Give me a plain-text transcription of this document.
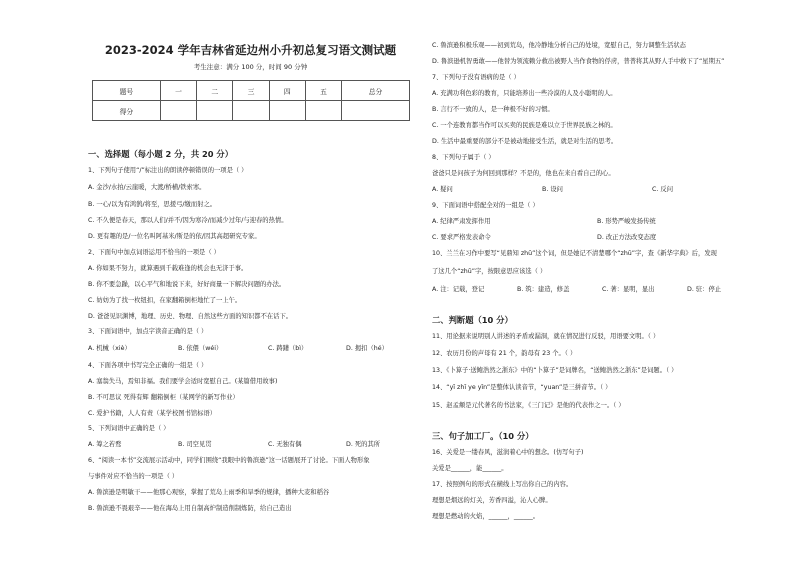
2023-2024 学年吉林省延边州小升初总复习语文测试题
考生注意：满分 100 分，时间 90 分钟
题号	一	二	三	四	五	总分
得分						
一、选择题（每小题 2 分，共 20 分）
1、下列句子使用“/”标注出的朗读停顿错误的一项是（ ）
A. 金沙/水拍/云崖暖，大渡/桥横/铁索寒。
B. 一心/以为有鸿鹄/将至，思援弓/缴而射之。
C. 不久便是春天，那以人们/并不/因为寒冷/而减少过年/与迎春的热情。
D. 更有趣的是/一位名叫阿基米/斯是的依/因其高超研究专家。
2、下面句中加点词语运用不恰当的一项是（ ）
A. 你如果不努力，就算遇到千载难逢的机会也无济于事。
B. 你不要急躁，以心平气和地说下来，好好商量一下解决问题的办法。
C. 妨妨为了找一枚纽扣，在家翻箱倒柜地忙了一上午。
D. 爸爸见识渊博，地理、历史、物理、自然这些方面的知识都不在话下。
3、下面词语中，加点字读音正确的是（ ）
A. 机械（xiè）	B. 依偎（wéi）	C. 踌躇（bì）	D. 揭扣（hé）
4、下面各项中书写完全正确的一组是（ ）
A. 塞翁失马，焉知非福。我们要学会适时宽慰自己。(某篇借用故事)
B. 不可思议 死得有辉 翻箱倒柜（某网学的新写作业）
C. 爱护书籍，人人有责（某学校图书馆标语）
5、下列词语中正确的是（ ）
A. 筹之若鹜	B. 司空见贯	C. 无独有偶	D. 死的其所
6、“阅读一本书”交流展示活动中，同学们围绕“我眼中的鲁滨逊”这一话题展开了讨论。下面人物形象
与事件对应不恰当的一项是（ ）
A. 鲁滨逊是明敏干——他那心观察，掌握了荒岛上雨季和旱季的规律，播种大麦和稻谷
B. 鲁滨逊不畏艰辛——他在海岛上用自制高炉制造削制炼防，给自己造出
C. 鲁滨逊积极乐观——初到荒岛，他冷静地分析自己的处境，宽慰自己，努力调整生活状态
D. 鲁滨逊机智勇敢——他替为领流赖分救出被野人当作食物的俘虏，普普将其从野人手中救下了“星期五”
7、下列句子没有语病的是（ ）
A. 充满功利色彩的教育，只能培养出一些冷漠的人及小聪明的人。
B. 言行不一致的人，是一种极不好的习惯。
C. 一个连教育都当作可以买卖的民族是难以立于世界民族之林的。
D. 生活中最重要的部分不是被动地接受生活，就是对生活的思考。
8、下列句子属于（ ）
爸爸只是问孩子为何回到那样？不是的，他也在来自看自己的心。
A. 疑问	B. 设问	C. 反问
9、下面词语中搭配全对的一组是（ ）
A. 纪律严肃发挥作用	B. 形势严峻发扬传统
C. 要求严格发表命令	D. 改正方法改变态度
10、兰兰在习作中要写“见鼎知 zhū”这个词，但是她记不清楚哪个“zhū”字，查《新华字典》后，发现
了这几个“zhū”字，按限意思应该选（ ）
A. 注：记载，登记	B. 筑：建造，修盖	C. 著：显明，显出	D. 驻：停止
二、判断题（10 分）
11、用论据来说明别人讲述的矛盾或漏洞，就在情况进行反驳，用语要文明。（ ）
12、农历月份的声母有 21 个，韵母有 23 个。（ ）
13、《卜算子·送鲍浩然之浙东》中的“卜算子”是词牌名，“送鲍浩然之浙东”是词题。（ ）
14、“yī zhī ye yīn”是整体认读音节，“yuan”是三拼音节。（ ）
15、赵孟頫是元代著名的书法家，《三门记》是他的代表作之一。（ ）
三、句子加工厂。（10 分）
16、关爱是一缕春风，滋润着心中的想念。(仿写句子)
关爱是______，能______。
17、按照例句的形式在横线上写出你自己的内容。
理想是烟远的灯关，芳香四溢，沁人心脾。
理想是燃动的火焰，______，______。
